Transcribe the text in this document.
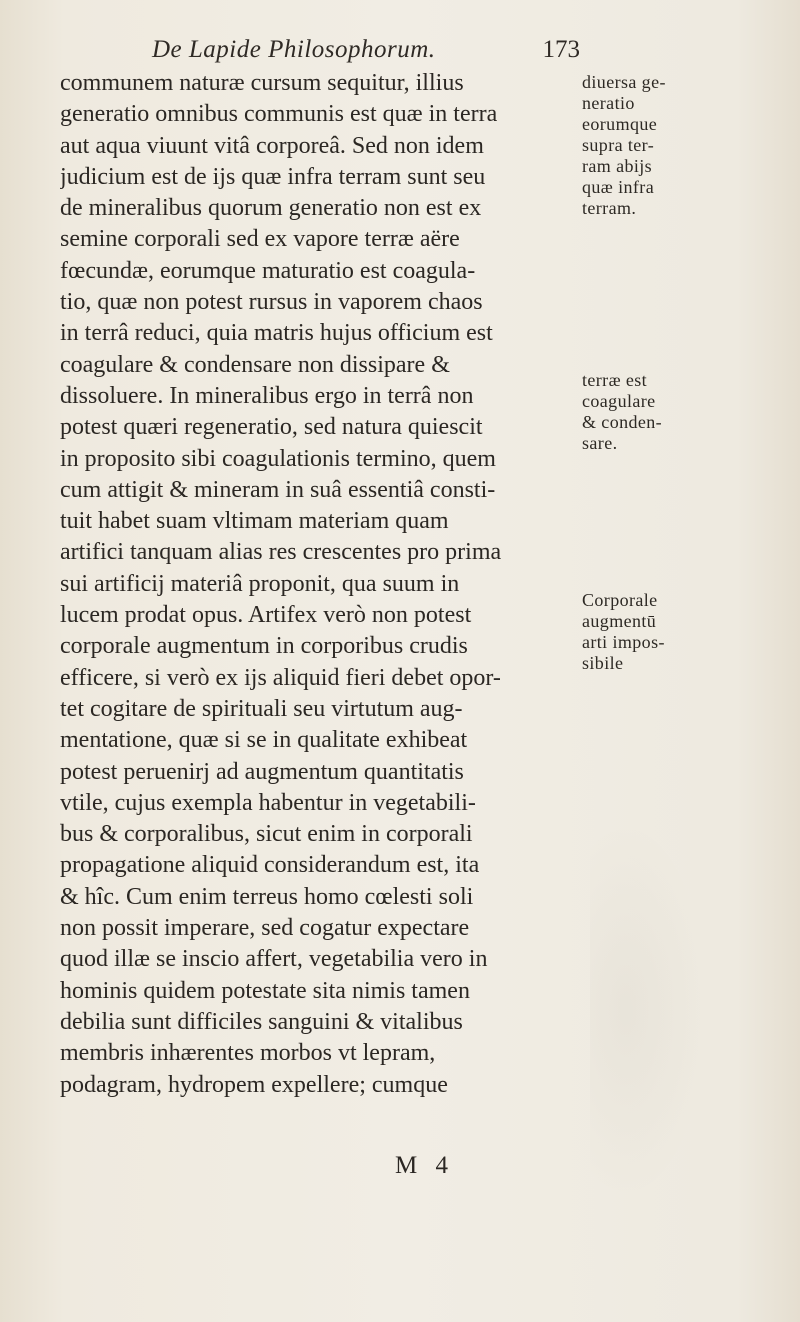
De Lapide Philosophorum.	173
communem naturæ cursum sequitur, illius
generatio omnibus communis est quæ in terra
aut aqua viuunt vitâ corporeâ. Sed non idem
judicium est de ijs quæ infra terram sunt seu
de mineralibus quorum generatio non est ex
semine corporali sed ex vapore terræ aëre
fœcundæ, eorumque maturatio est coagula-
tio, quæ non potest rursus in vaporem chaos
in terrâ reduci, quia matris hujus officium est
coagulare & condensare non dissipare &
dissoluere. In mineralibus ergo in terrâ non
potest quæri regeneratio, sed natura quiescit
in proposito sibi coagulationis termino, quem
cum attigit & mineram in suâ essentiâ consti-
tuit habet suam vltimam materiam quam
artifici tanquam alias res crescentes pro prima
sui artificij materiâ proponit, qua suum in
lucem prodat opus. Artifex verò non potest
corporale augmentum in corporibus crudis
efficere, si verò ex ijs aliquid fieri debet opor-
tet cogitare de spirituali seu virtutum aug-
mentatione, quæ si se in qualitate exhibeat
potest peruenirj ad augmentum quantitatis
vtile, cujus exempla habentur in vegetabili-
bus & corporalibus, sicut enim in corporali
propagatione aliquid considerandum est, ita
& hîc. Cum enim terreus homo cœlesti soli
non possit imperare, sed cogatur expectare
quod illæ se inscio affert, vegetabilia vero in
hominis quidem potestate sita nimis tamen
debilia sunt difficiles sanguini & vitalibus
membris inhærentes morbos vt lepram,
podagram, hydropem expellere; cumque
diuersa ge-
neratio
eorumque
supra ter-
ram abijs
quæ infra
terram.
terræ est
coagulare
& conden-
sare.
Corporale
augmentū
arti impos-
sibile
M 4
